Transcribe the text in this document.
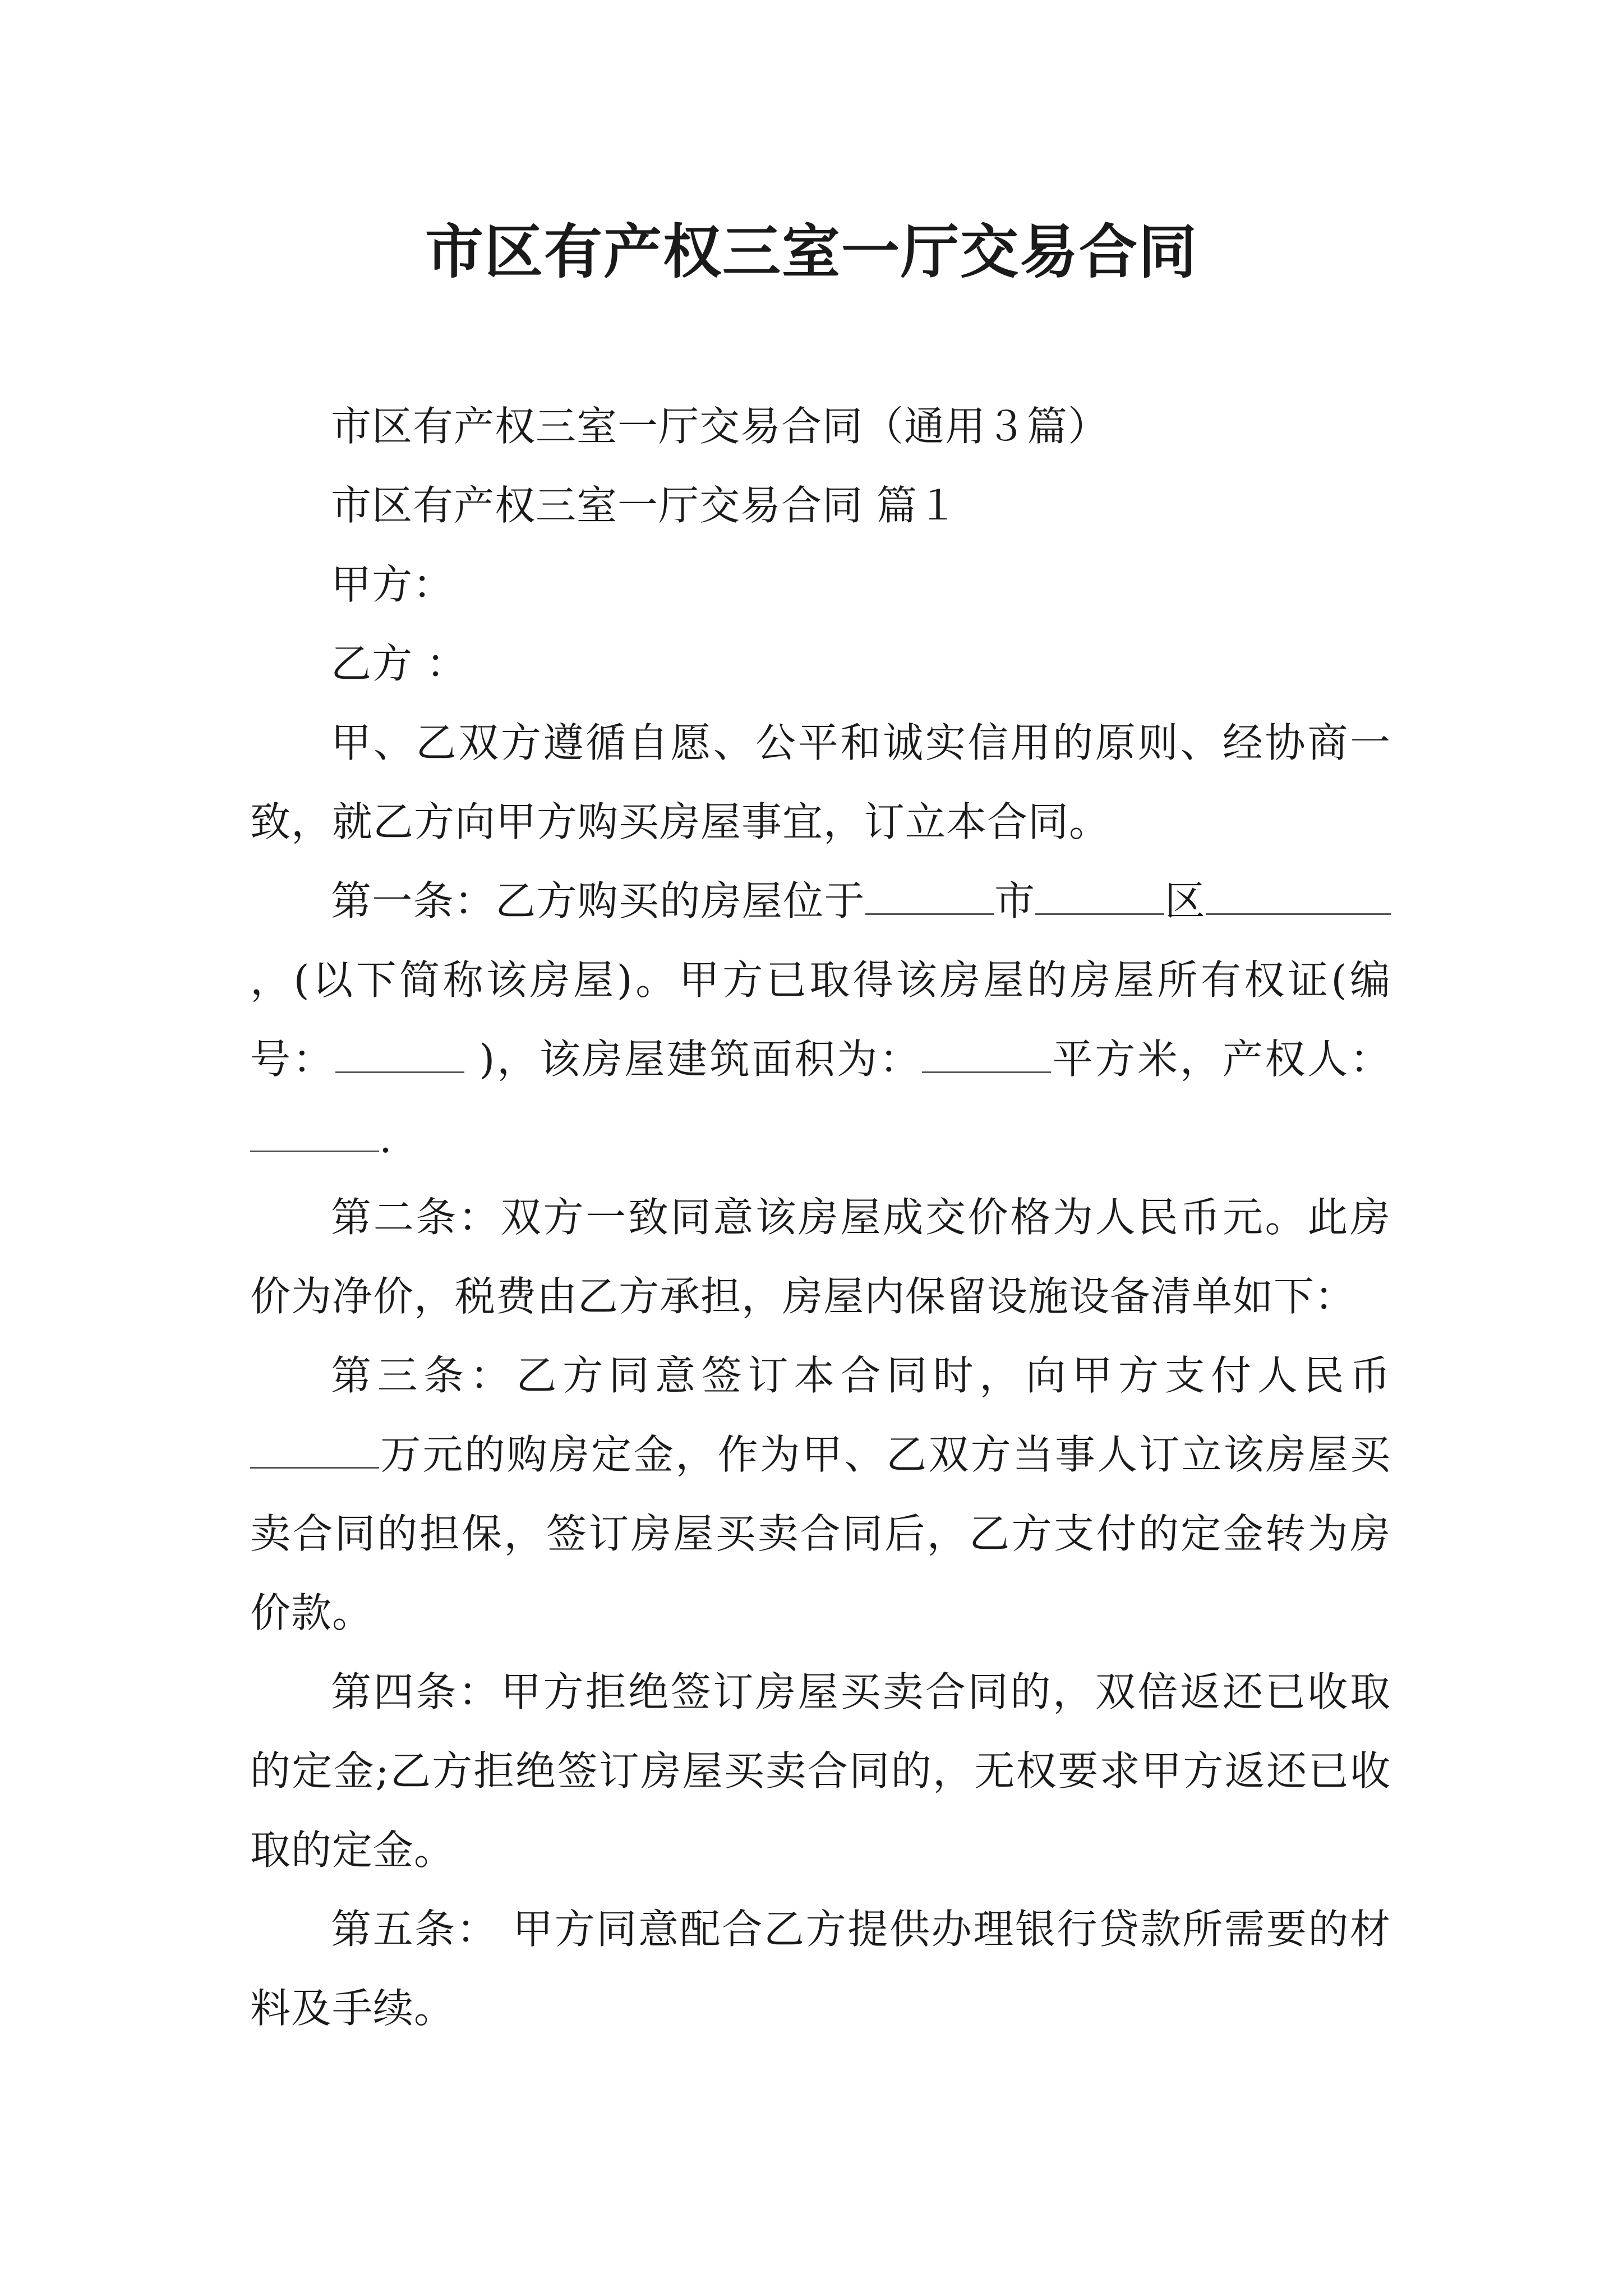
市区有产权三室一厅交易合同

市区有产权三室一厅交易合同（通用３篇）

市区有产权三室一厅交易合同 篇１

甲方：

乙方 ：

甲、乙双方遵循自愿、公平和诚实信用的原则、经协商一致，就乙方向甲方购买房屋事宜，订立本合同。

第一条：乙方购买的房屋位于	市	区，(以下简称该房屋)。甲方已取得该房屋的房屋所有权证(编号：	)，该房屋建筑面积为：	平方米，产权人：.

第二条：双方一致同意该房屋成交价格为人民币元。此房价为净价，税费由乙方承担，房屋内保留设施设备清单如下：

第三条：乙方同意签订本合同时，向甲方支付人民币万元的购房定金，作为甲、乙双方当事人订立该房屋买卖合同的担保，签订房屋买卖合同后，乙方支付的定金转为房价款。

第四条：甲方拒绝签订房屋买卖合同的，双倍返还已收取的定金;乙方拒绝签订房屋买卖合同的，无权要求甲方返还已收取的定金。

第五条： 甲方同意配合乙方提供办理银行贷款所需要的材料及手续。
